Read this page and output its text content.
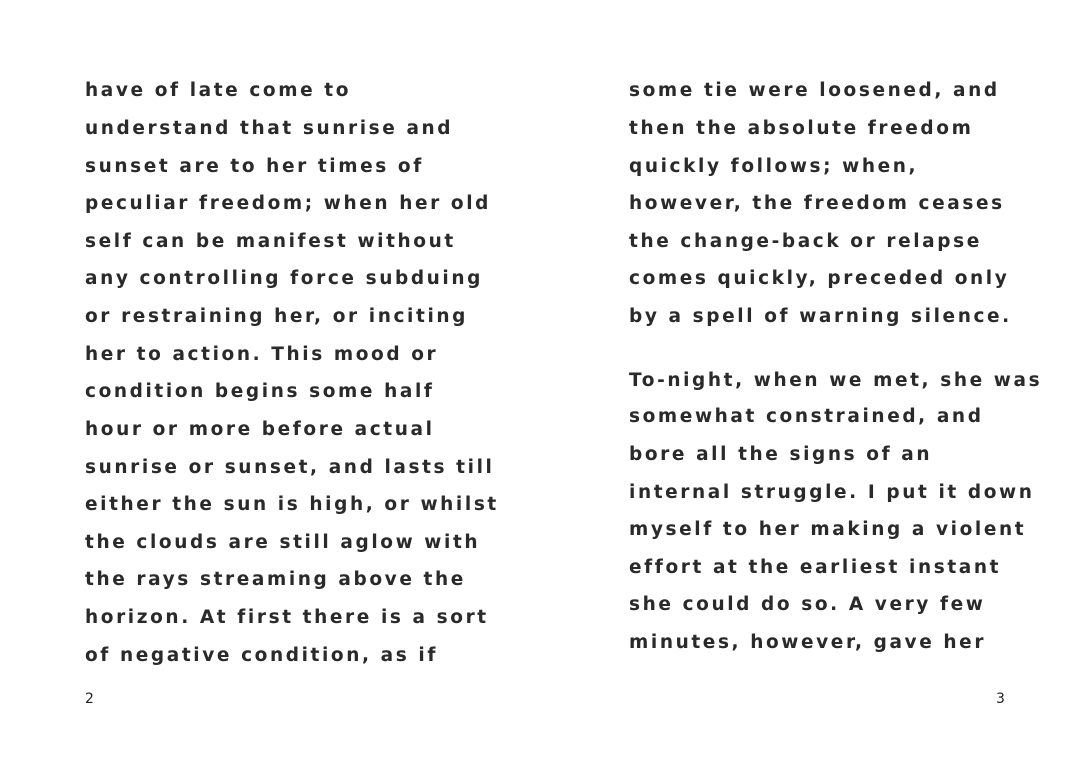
have of late come to
understand that sunrise and
sunset are to her times of
peculiar freedom; when her old
self can be manifest without
any controlling force subduing
or restraining her, or inciting
her to action. This mood or
condition begins some half
hour or more before actual
sunrise or sunset, and lasts till
either the sun is high, or whilst
the clouds are still aglow with
the rays streaming above the
horizon. At first there is a sort
of negative condition, as if
some tie were loosened, and
then the absolute freedom
quickly follows; when,
however, the freedom ceases
the change-back or relapse
comes quickly, preceded only
by a spell of warning silence.
To-night, when we met, she was
somewhat constrained, and
bore all the signs of an
internal struggle. I put it down
myself to her making a violent
effort at the earliest instant
she could do so. A very few
minutes, however, gave her
2	3
